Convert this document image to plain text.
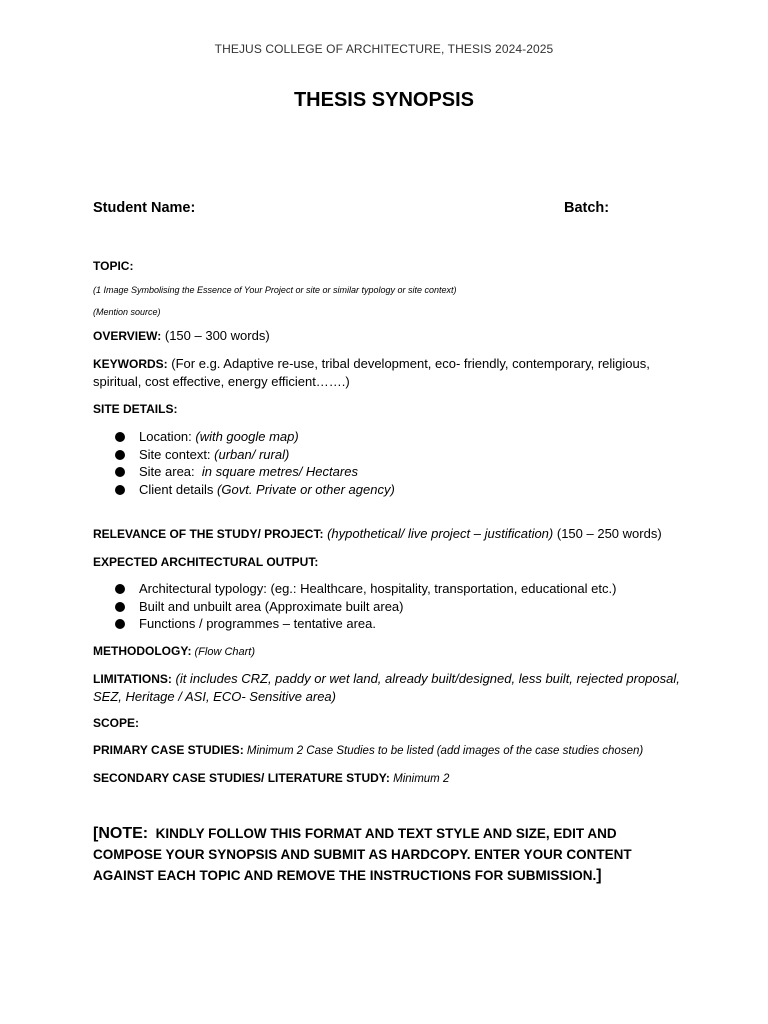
THEJUS COLLEGE OF ARCHITECTURE, THESIS 2024-2025
THESIS SYNOPSIS
Student Name:	Batch:
TOPIC:
(1 Image Symbolising the Essence of Your Project or site or similar typology or site context)
(Mention source)
OVERVIEW: (150 – 300 words)
KEYWORDS: (For e.g. Adaptive re-use, tribal development, eco- friendly, contemporary, religious, spiritual, cost effective, energy efficient…….)
SITE DETAILS:
Location: (with google map)
Site context: (urban/ rural)
Site area:  in square metres/ Hectares
Client details (Govt. Private or other agency)
RELEVANCE OF THE STUDY/ PROJECT: (hypothetical/ live project – justification) (150 – 250 words)
EXPECTED ARCHITECTURAL OUTPUT:
Architectural typology: (eg.: Healthcare, hospitality, transportation, educational etc.)
Built and unbuilt area (Approximate built area)
Functions / programmes – tentative area.
METHODOLOGY: (Flow Chart)
LIMITATIONS: (it includes CRZ, paddy or wet land, already built/designed, less built, rejected proposal, SEZ, Heritage / ASI, ECO- Sensitive area)
SCOPE:
PRIMARY CASE STUDIES: Minimum 2 Case Studies to be listed (add images of the case studies chosen)
SECONDARY CASE STUDIES/ LITERATURE STUDY: Minimum 2
[NOTE:  KINDLY FOLLOW THIS FORMAT AND TEXT STYLE AND SIZE, EDIT AND COMPOSE YOUR SYNOPSIS AND SUBMIT AS HARDCOPY. ENTER YOUR CONTENT AGAINST EACH TOPIC AND REMOVE THE INSTRUCTIONS FOR SUBMISSION.]
